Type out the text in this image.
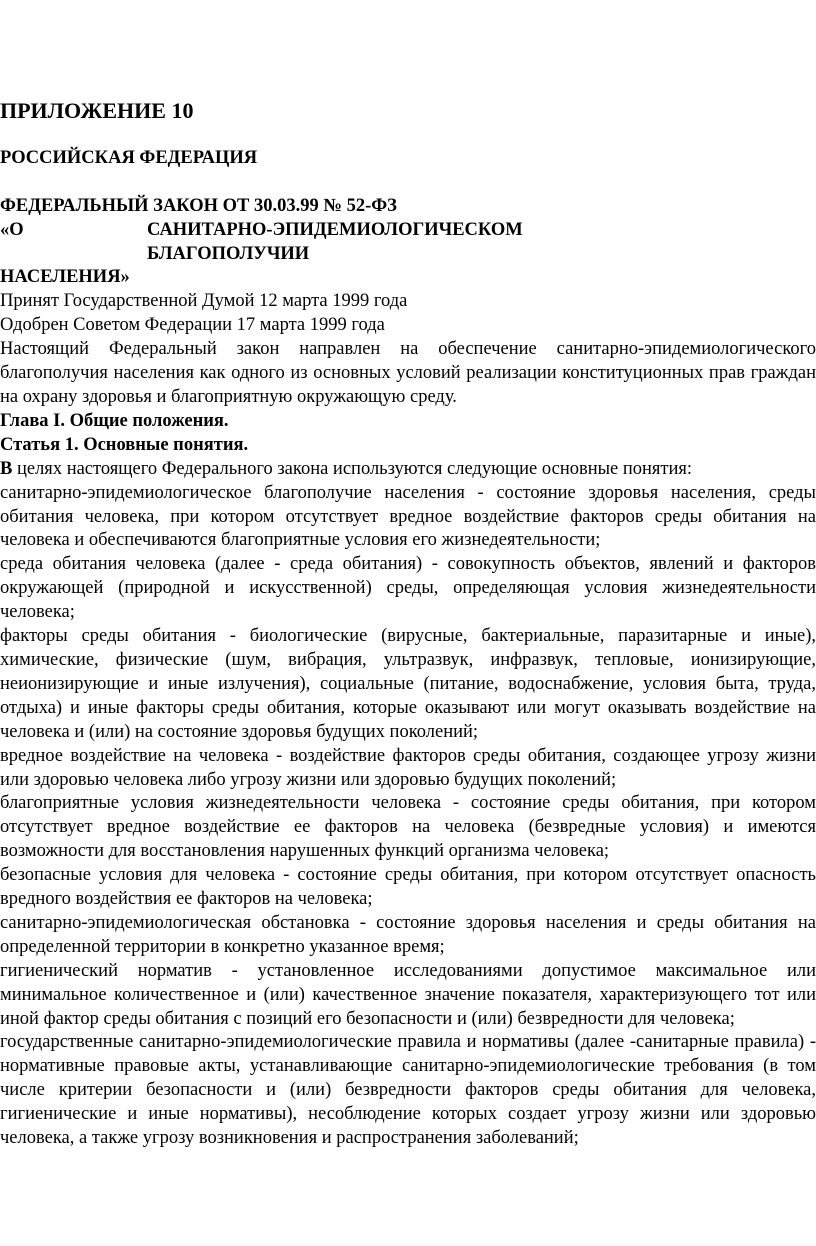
ПРИЛОЖЕНИЕ 10

РОССИЙСКАЯ ФЕДЕРАЦИЯ

ФЕДЕРАЛЬНЫЙ ЗАКОН ОТ 30.03.99 № 52-ФЗ

«О	САНИТАРНО-ЭПИДЕМИОЛОГИЧЕСКОМ
БЛАГОПОЛУЧИИ

НАСЕЛЕНИЯ»

Принят Государственной Думой 12 марта 1999 года

Одобрен Советом Федерации 17 марта 1999 года

Настоящий Федеральный закон направлен на обеспечение санитарно-эпидемиологического благополучия населения как одного из основных условий реализации конституционных прав граждан на охрану здоровья и благоприятную окружающую среду.

Глава I. Общие положения.

Статья 1. Основные понятия.

В целях настоящего Федерального закона используются следующие основные понятия:

санитарно-эпидемиологическое благополучие населения - состояние здоровья населения, среды обитания человека, при котором отсутствует вредное воздействие факторов среды обитания на человека и обеспечиваются благоприятные условия его жизнедеятельности;

среда обитания человека (далее - среда обитания) - совокупность объектов, явлений и факторов окружающей (природной и искусственной) среды, определяющая условия жизнедеятельности человека;

факторы среды обитания - биологические (вирусные, бактериальные, паразитарные и иные), химические, физические (шум, вибрация, ультразвук, инфразвук, тепловые, ионизирующие, неионизирующие и иные излучения), социальные (питание, водоснабжение, условия быта, труда, отдыха) и иные факторы среды обитания, которые оказывают или могут оказывать воздействие на человека и (или) на состояние здоровья будущих поколений;

вредное воздействие на человека - воздействие факторов среды обитания, создающее угрозу жизни или здоровью человека либо угрозу жизни или здоровью будущих поколений;

благоприятные условия жизнедеятельности человека - состояние среды обитания, при котором отсутствует вредное воздействие ее факторов на человека (безвредные условия) и имеются возможности для восстановления нарушенных функций организма человека;

безопасные условия для человека - состояние среды обитания, при котором отсутствует опасность вредного воздействия ее факторов на человека;

санитарно-эпидемиологическая обстановка - состояние здоровья населения и среды обитания на определенной территории в конкретно указанное время;

гигиенический норматив - установленное исследованиями допустимое максимальное или минимальное количественное и (или) качественное значение показателя, характеризующего тот или иной фактор среды обитания с позиций его безопасности и (или) безвредности для человека;

государственные санитарно-эпидемиологические правила и нормативы (далее -санитарные правила) - нормативные правовые акты, устанавливающие санитарно-эпидемиологические требования (в том числе критерии безопасности и (или) безвредности факторов среды обитания для человека, гигиенические и иные нормативы), несоблюдение которых создает угрозу жизни или здоровью человека, а также угрозу возникновения и распространения заболеваний;
